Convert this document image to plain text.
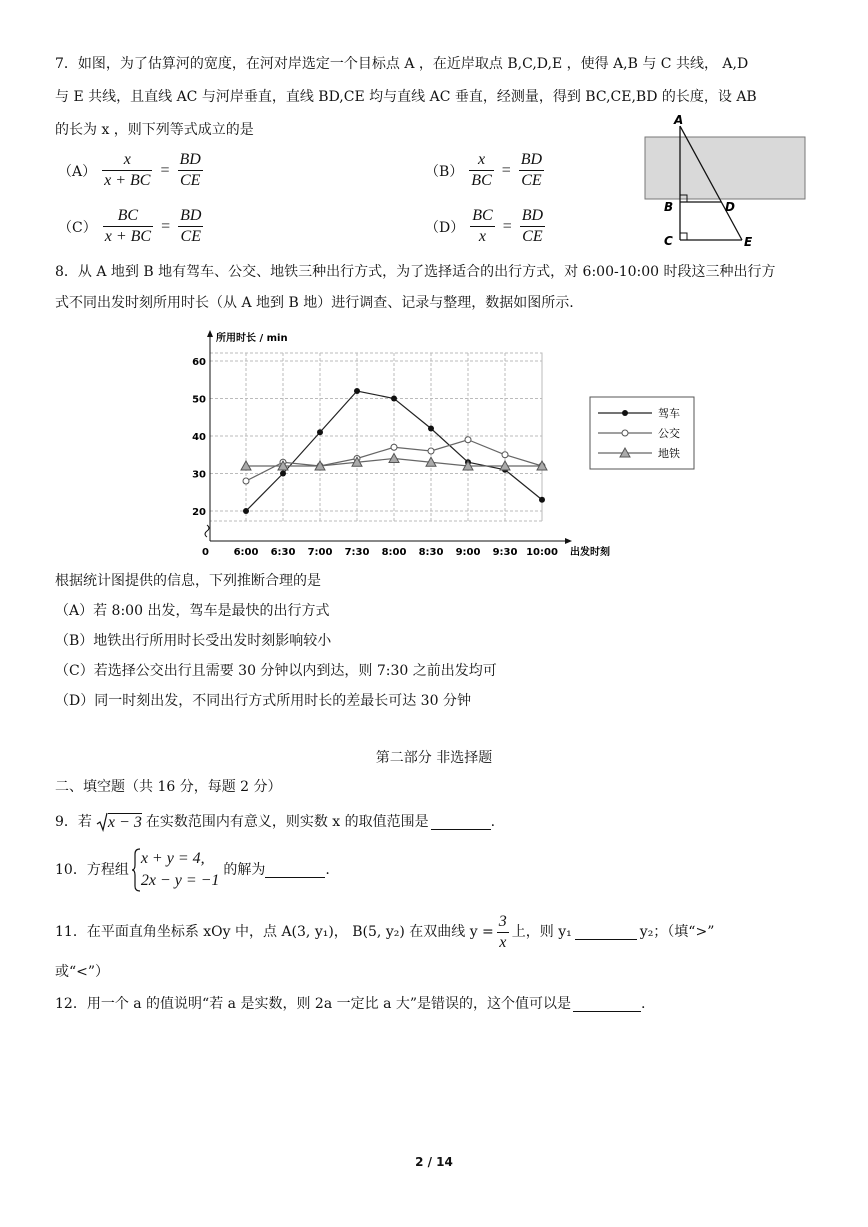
7．如图，为了估算河的宽度，在河对岸选定一个目标点 A ，在近岸取点 B,C,D,E ，使得 A,B 与 C 共线， A,D
与 E 共线，且直线 AC 与河岸垂直，直线 BD,CE 均与直线 AC 垂直，经测量，得到 BC,CE,BD 的长度，设 AB
的长为 x ，则下列等式成立的是
$(A) \frac{x}{x + BC} = \frac{BD}{CE}$	$(B) \frac{x}{BC} = \frac{BD}{CE}$
$(C) \frac{BC}{x + BC} = \frac{BD}{CE}$	$(D) \frac{BC}{x} = \frac{BD}{CE}$
A
B	D
C	E
8．从 A 地到 B 地有驾车、公交、地铁三种出行方式，为了选择适合的出行方式，对 6:00-10:00 时段这三种出行方
式不同出发时刻所用时长（从 A 地到 B 地）进行调查、记录与整理，数据如图所示.
20
30
40
50
60
6:00 6:30 7:00 7:30 8:00 8:30 9:00 9:30 10:00
0
所用时长 / min
出发时刻
驾车
公交
地铁
根据统计图提供的信息，下列推断合理的是
（A）若 8:00 出发，驾车是最快的出行方式
（B）地铁出行所用时长受出发时刻影响较小
（C）若选择公交出行且需要 30 分钟以内到达，则 7:30 之前出发均可
（D）同一时刻出发，不同出行方式所用时长的差最长可达 30 分钟
第二部分 非选择题
二、填空题（共 16 分，每题 2 分）
9．若 x − 3 在实数范围内有意义，则实数 x 的取值范围是	.
10．方程组
x + y = 4,
2x − y = −1
的解为	.
11．在平面直角坐标系 xOy 中，点 A(3, y₁)， B(5, y₂) 在双曲线 $y = \frac{3}{x}$ 上，则 y₁	y₂；（填“>”
或“<”）
12．用一个 a 的值说明“若 a 是实数，则 2a 一定比 a 大”是错误的，这个值可以是	.
2 / 14
